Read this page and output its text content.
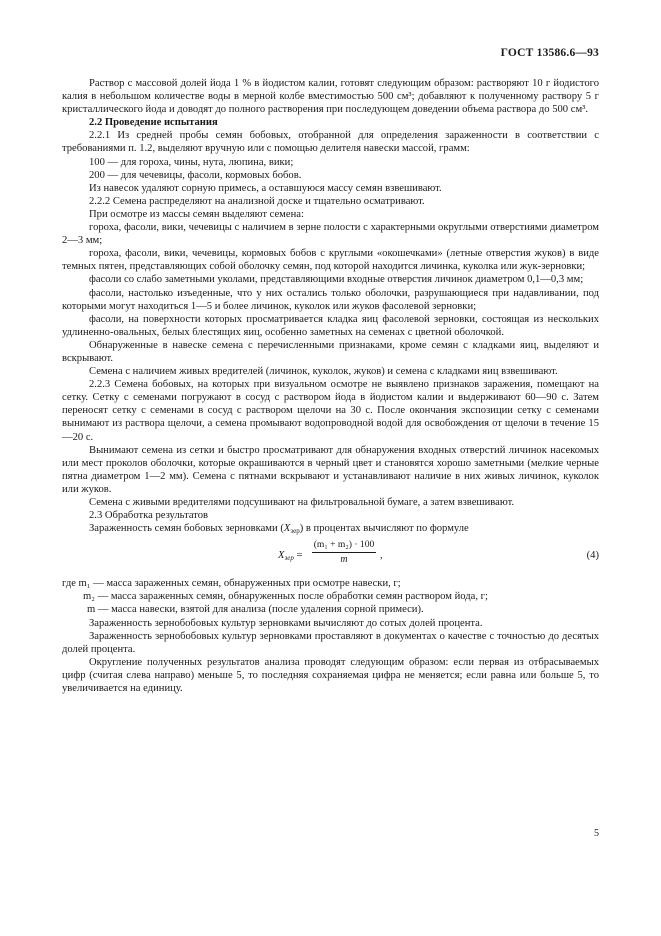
ГОСТ 13586.6—93

Раствор с массовой долей йода 1 % в йодистом калии, готовят следующим образом: растворяют 10 г йодистого калия в небольшом количестве воды в мерной колбе вместимостью 500 см³; добавляют к полученному раствору 5 г кристаллического йода и доводят до полного растворения при последующем доведении объема раствора до 500 см³.

2.2 Проведение испытания

2.2.1 Из средней пробы семян бобовых, отобранной для определения зараженности в соответствии с требованиями п. 1.2, выделяют вручную или с помощью делителя навески массой, грамм:

100 — для гороха, чины, нута, люпина, вики;

200 — для чечевицы, фасоли, кормовых бобов.

Из навесок удаляют сорную примесь, а оставшуюся массу семян взвешивают.

2.2.2 Семена распределяют на анализной доске и тщательно осматривают.

При осмотре из массы семян выделяют семена:

гороха, фасоли, вики, чечевицы с наличием в зерне полости с характерными округлыми отверстиями диаметром 2—3 мм;

гороха, фасоли, вики, чечевицы, кормовых бобов с круглыми «окошечками» (летные отверстия жуков) в виде темных пятен, представляющих собой оболочку семян, под которой находится личинка, куколка или жук-зерновки;

фасоли со слабо заметными уколами, представляющими входные отверстия личинок диаметром 0,1—0,3 мм;

фасоли, настолько изъеденные, что у них остались только оболочки, разрушающиеся при надавливании, под которыми могут находиться 1—5 и более личинок, куколок или жуков фасолевой зерновки;

фасоли, на поверхности которых просматривается кладка яиц фасолевой зерновки, состоящая из нескольких удлиненно-овальных, белых блестящих яиц, особенно заметных на семенах с цветной оболочкой.

Обнаруженные в навеске семена с перечисленными признаками, кроме семян с кладками яиц, выделяют и вскрывают.

Семена с наличием живых вредителей (личинок, куколок, жуков) и семена с кладками яиц взвешивают.

2.2.3 Семена бобовых, на которых при визуальном осмотре не выявлено признаков заражения, помещают на сетку. Сетку с семенами погружают в сосуд с раствором йода в йодистом калии и выдерживают 60—90 с. Затем переносят сетку с семенами в сосуд с раствором щелочи на 30 с. После окончания экспозиции сетку с семенами вынимают из раствора щелочи, а семена промывают водопроводной водой для освобождения от щелочи в течение 15—20 с.

Вынимают семена из сетки и быстро просматривают для обнаружения входных отверстий личинок насекомых или мест проколов оболочки, которые окрашиваются в черный цвет и становятся хорошо заметными (мелкие черные пятна диаметром 1—2 мм). Семена с пятнами вскрывают и устанавливают наличие в них живых личинок, куколок или жуков.

Семена с живыми вредителями подсушивают на фильтровальной бумаге, а затем взвешивают.

2.3 Обработка результатов

Зараженность семян бобовых зерновками $(X_{зер})$ в процентах вычисляют по формуле

$X_{зер} = \frac{\text{(m₁ + m₂) · 100}}{m}$ ,	(4)

где m₁ — масса зараженных семян, обнаруженных при осмотре навески, г;

m₂ — масса зараженных семян, обнаруженных после обработки семян раствором йода, г;

m — масса навески, взятой для анализа (после удаления сорной примеси).

Зараженность зернобобовых культур зерновками вычисляют до сотых долей процента.

Зараженность зернобобовых культур зерновками проставляют в документах о качестве с точностью до десятых долей процента.

Округление полученных результатов анализа проводят следующим образом: если первая из отбрасываемых цифр (считая слева направо) меньше 5, то последняя сохраняемая цифра не меняется; если равна или больше 5, то увеличивается на единицу.

5
